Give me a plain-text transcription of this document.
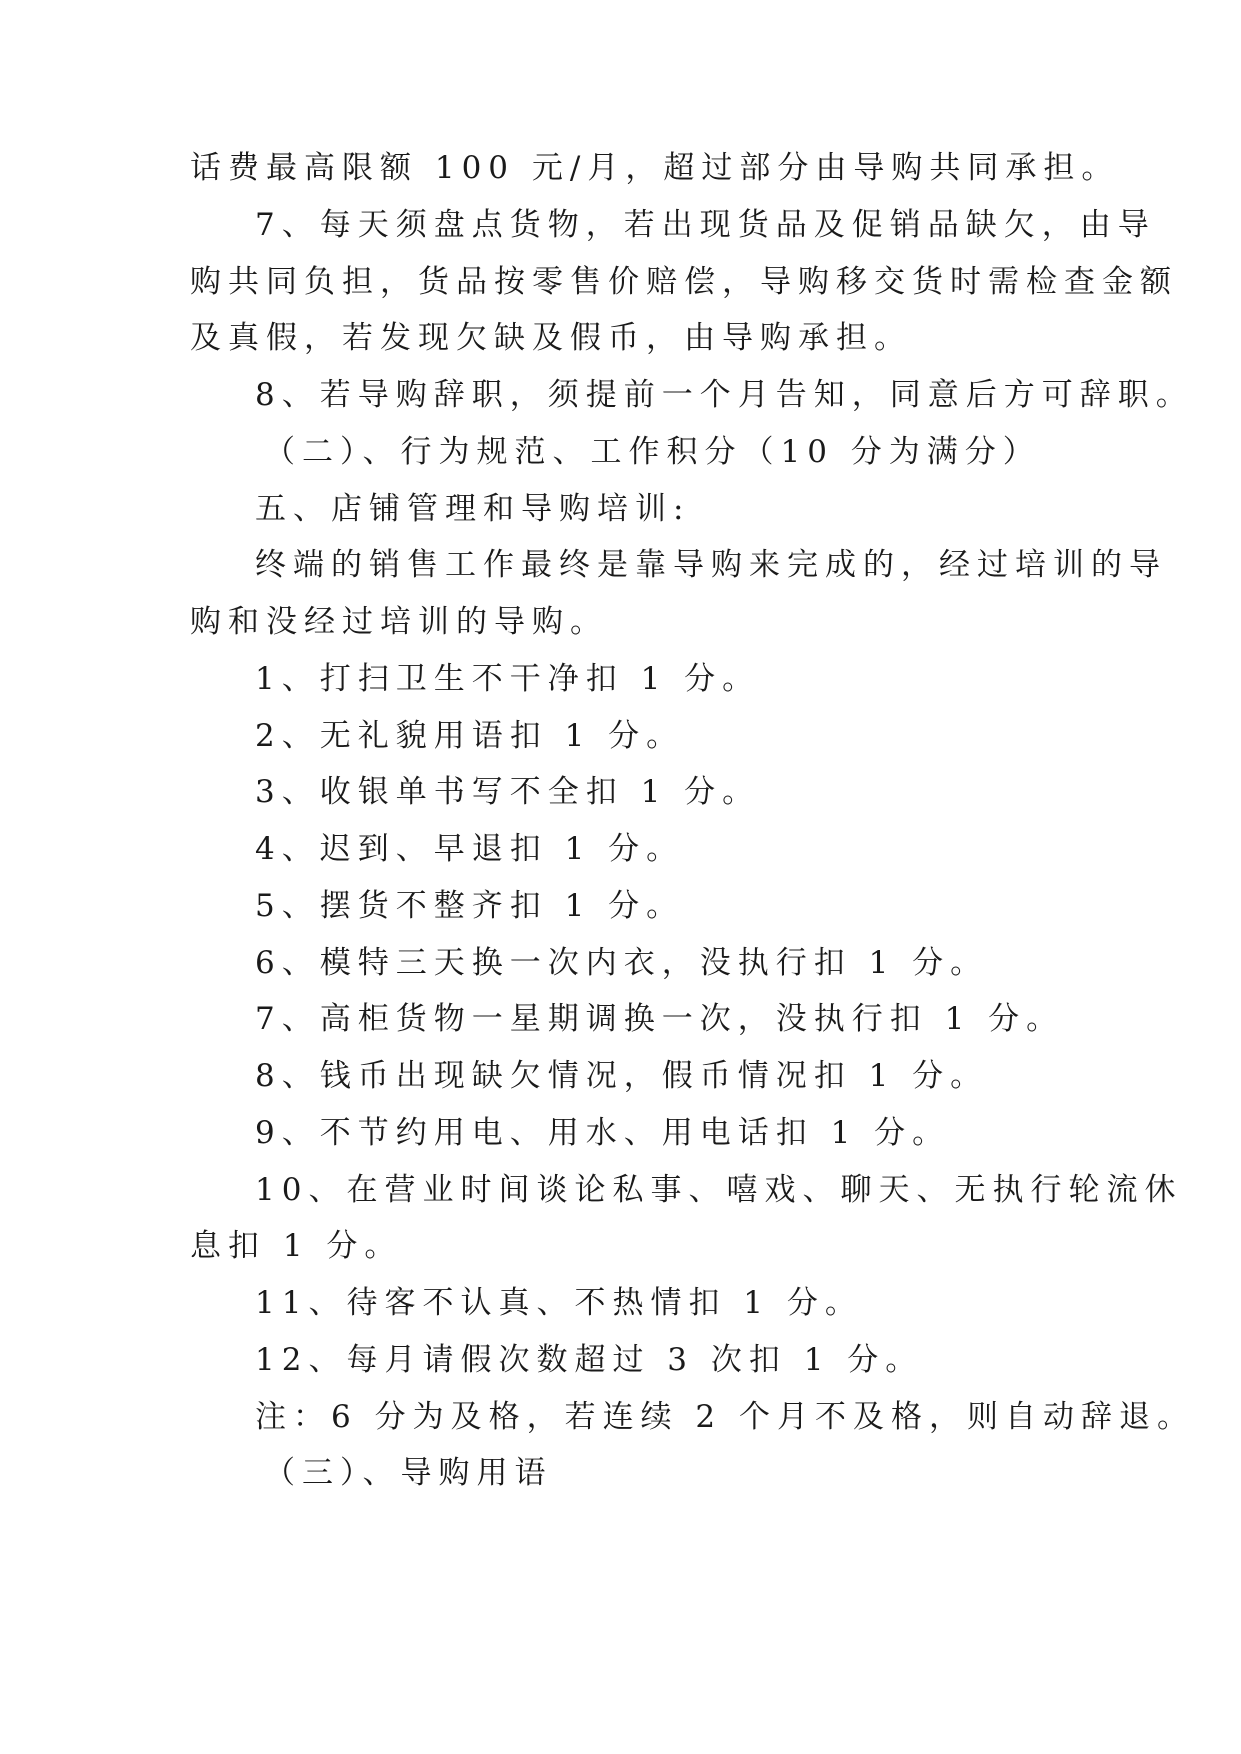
话费最高限额 100 元/月，超过部分由导购共同承担。
7、每天须盘点货物，若出现货品及促销品缺欠，由导
购共同负担，货品按零售价赔偿，导购移交货时需检查金额
及真假，若发现欠缺及假币，由导购承担。
8、若导购辞职，须提前一个月告知，同意后方可辞职。
（二）、行为规范、工作积分（10 分为满分）
五、店铺管理和导购培训:
终端的销售工作最终是靠导购来完成的，经过培训的导
购和没经过培训的导购。
1、打扫卫生不干净扣 1 分。
2、无礼貌用语扣 1 分。
3、收银单书写不全扣 1 分。
4、迟到、早退扣 1 分。
5、摆货不整齐扣 1 分。
6、模特三天换一次内衣，没执行扣 1 分。
7、高柜货物一星期调换一次，没执行扣 1 分。
8、钱币出现缺欠情况，假币情况扣 1 分。
9、不节约用电、用水、用电话扣 1 分。
10、在营业时间谈论私事、嘻戏、聊天、无执行轮流休
息扣 1 分。
11、待客不认真、不热情扣 1 分。
12、每月请假次数超过 3 次扣 1 分。
注：6 分为及格，若连续 2 个月不及格，则自动辞退。
（三）、导购用语
